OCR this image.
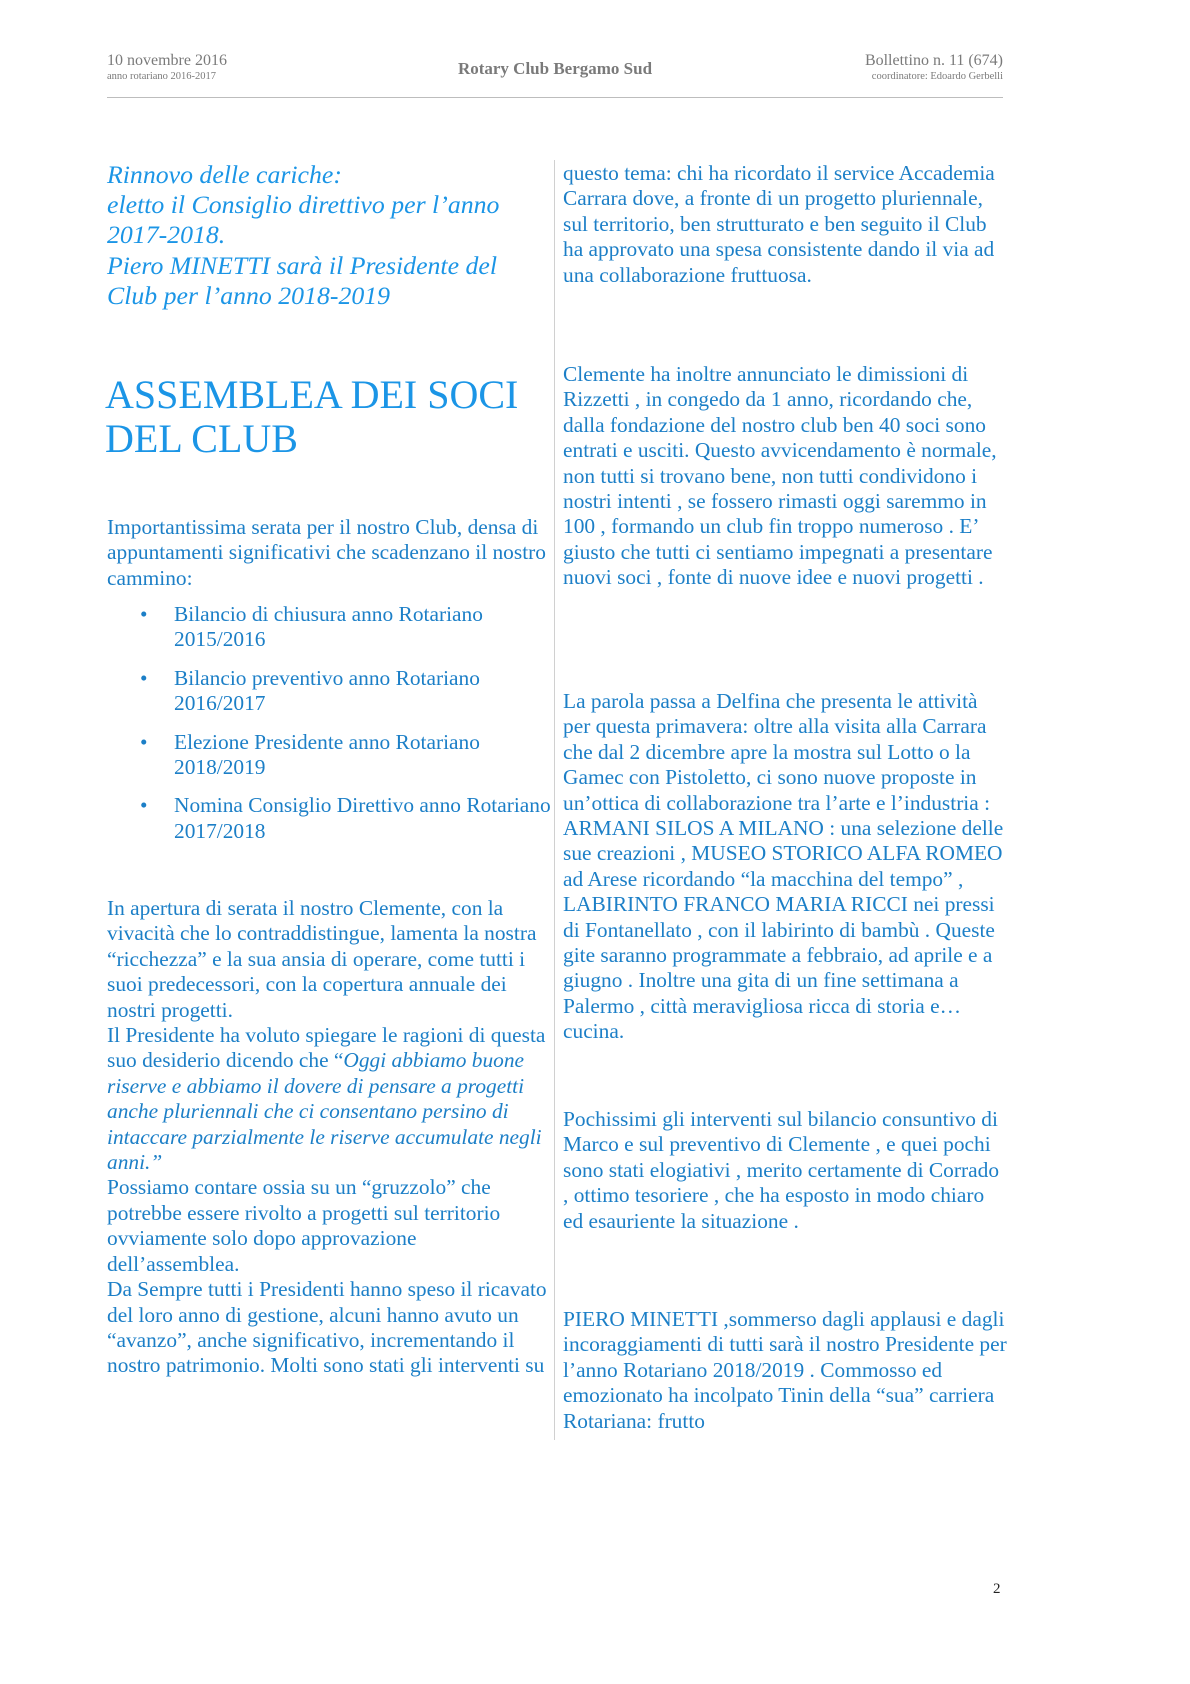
10 novembre 2016
anno rotariano 2016-2017	Rotary Club Bergamo Sud	Bollettino n. 11 (674)
coordinatore: Edoardo Gerbelli

Rinnovo delle cariche:

eletto il Consiglio direttivo per l’anno 2017-2018.

Piero MINETTI sarà il Presidente del Club per l’anno 2018-2019

ASSEMBLEA DEI SOCI DEL CLUB

Importantissima serata per il nostro Club, densa di appuntamenti significativi che scadenzano il nostro cammino:

• Bilancio di chiusura anno Rotariano 2015/2016
• Bilancio preventivo anno Rotariano 2016/2017
• Elezione Presidente anno Rotariano 2018/2019
• Nomina Consiglio Direttivo anno Rotariano 2017/2018

In apertura di serata il nostro Clemente, con la vivacità che lo contraddistingue, lamenta la nostra “ricchezza” e la sua ansia di operare, come tutti i suoi predecessori, con la copertura annuale dei nostri progetti.

Il Presidente ha voluto spiegare le ragioni di questa suo desiderio dicendo che “Oggi abbiamo buone riserve e abbiamo il dovere di pensare a progetti anche pluriennali che ci consentano persino di intaccare parzialmente le riserve accumulate negli anni.”

Possiamo contare ossia su un “gruzzolo” che potrebbe essere rivolto a progetti sul territorio ovviamente solo dopo approvazione dell’assemblea.

Da Sempre tutti i Presidenti hanno speso il ricavato del loro anno di gestione, alcuni hanno avuto un “avanzo”, anche significativo, incrementando il nostro patrimonio. Molti sono stati gli interventi su

questo tema: chi ha ricordato il service Accademia Carrara dove, a fronte di un progetto pluriennale, sul territorio, ben strutturato e ben seguito il Club ha approvato una spesa consistente dando il via ad una collaborazione fruttuosa.

Clemente ha inoltre annunciato le dimissioni di Rizzetti , in congedo da 1 anno, ricordando che, dalla fondazione del nostro club ben 40 soci sono entrati e usciti. Questo avvicendamento è normale, non tutti si trovano bene, non tutti condividono i nostri intenti , se fossero rimasti oggi saremmo in 100 , formando un club fin troppo numeroso . E’ giusto che tutti ci sentiamo impegnati a presentare nuovi soci , fonte di nuove idee e nuovi progetti .

La parola passa a Delfina che presenta le attività per questa primavera: oltre alla visita alla Carrara che dal 2 dicembre apre la mostra sul Lotto o la Gamec con Pistoletto, ci sono nuove proposte in un’ottica di collaborazione tra l’arte e l’industria : ARMANI SILOS A MILANO : una selezione delle sue creazioni , MUSEO STORICO ALFA ROMEO ad Arese ricordando “la macchina del tempo” , LABIRINTO FRANCO MARIA RICCI nei pressi di Fontanellato , con il labirinto di bambù . Queste gite saranno programmate a febbraio, ad aprile e a giugno . Inoltre una gita di un fine settimana a Palermo , città meravigliosa ricca di storia e…cucina.

Pochissimi gli interventi sul bilancio consuntivo di Marco e sul preventivo di Clemente , e quei pochi sono stati elogiativi , merito certamente di Corrado , ottimo tesoriere , che ha esposto in modo chiaro ed esauriente la situazione .

PIERO MINETTI ,sommerso dagli applausi e dagli incoraggiamenti di tutti sarà il nostro Presidente per l’anno Rotariano 2018/2019 . Commosso ed emozionato ha incolpato Tinin della “sua” carriera Rotariana: frutto

2
